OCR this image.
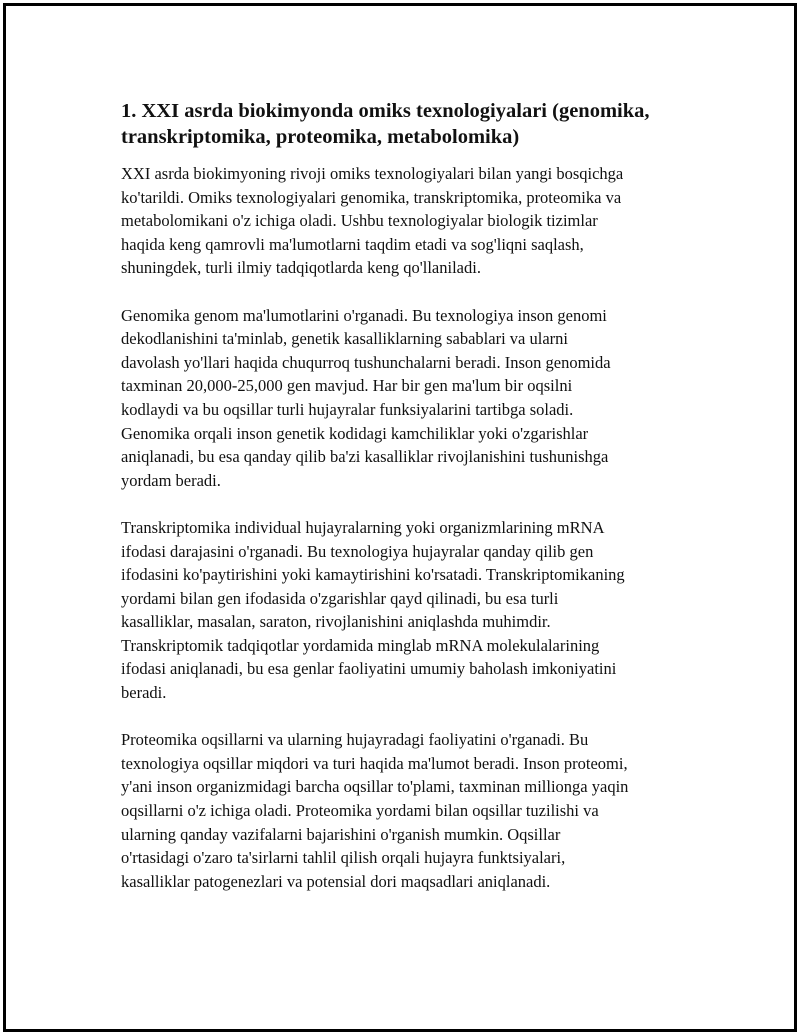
1. XXI asrda biokimyonda omiks texnologiyalari (genomika,
transkriptomika, proteomika, metabolomika)

XXI asrda biokimyoning rivoji omiks texnologiyalari bilan yangi bosqichga
ko'tarildi. Omiks texnologiyalari genomika, transkriptomika, proteomika va
metabolomikani o'z ichiga oladi. Ushbu texnologiyalar biologik tizimlar
haqida keng qamrovli ma'lumotlarni taqdim etadi va sog'liqni saqlash,
shuningdek, turli ilmiy tadqiqotlarda keng qo'llaniladi.

Genomika genom ma'lumotlarini o'rganadi. Bu texnologiya inson genomi
dekodlanishini ta'minlab, genetik kasalliklarning sabablari va ularni
davolash yo'llari haqida chuqurroq tushunchalarni beradi. Inson genomida
taxminan 20,000-25,000 gen mavjud. Har bir gen ma'lum bir oqsilni
kodlaydi va bu oqsillar turli hujayralar funksiyalarini tartibga soladi.
Genomika orqali inson genetik kodidagi kamchiliklar yoki o'zgarishlar
aniqlanadi, bu esa qanday qilib ba'zi kasalliklar rivojlanishini tushunishga
yordam beradi.

Transkriptomika individual hujayralarning yoki organizmlarining mRNA
ifodasi darajasini o'rganadi. Bu texnologiya hujayralar qanday qilib gen
ifodasini ko'paytirishini yoki kamaytirishini ko'rsatadi. Transkriptomikaning
yordami bilan gen ifodasida o'zgarishlar qayd qilinadi, bu esa turli
kasalliklar, masalan, saraton, rivojlanishini aniqlashda muhimdir.
Transkriptomik tadqiqotlar yordamida minglab mRNA molekulalarining
ifodasi aniqlanadi, bu esa genlar faoliyatini umumiy baholash imkoniyatini
beradi.

Proteomika oqsillarni va ularning hujayradagi faoliyatini o'rganadi. Bu
texnologiya oqsillar miqdori va turi haqida ma'lumot beradi. Inson proteomi,
y'ani inson organizmidagi barcha oqsillar to'plami, taxminan millionga yaqin
oqsillarni o'z ichiga oladi. Proteomika yordami bilan oqsillar tuzilishi va
ularning qanday vazifalarni bajarishini o'rganish mumkin. Oqsillar
o'rtasidagi o'zaro ta'sirlarni tahlil qilish orqali hujayra funktsiyalari,
kasalliklar patogenezlari va potensial dori maqsadlari aniqlanadi.
